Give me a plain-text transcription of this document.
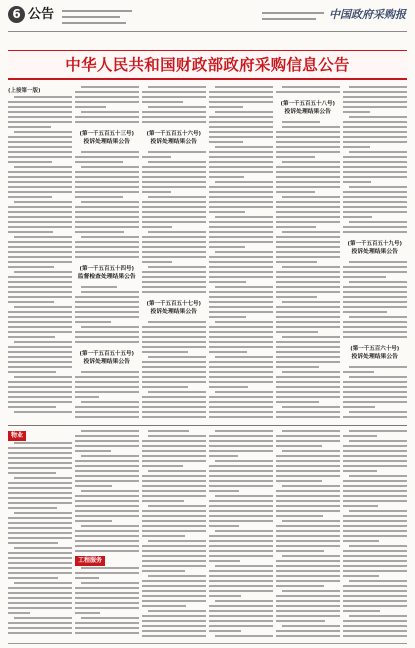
6 公告	中国政府采购报
中华人民共和国财政部政府采购信息公告
(上接第一版)
(第一千五百五十三号)
投诉处理结果公告
(第一千五百五十四号)
监督检查处理结果公告
(第一千五百五十五号)
投诉处理结果公告
(第一千五百五十六号)
投诉处理结果公告
(第一千五百五十七号)
投诉处理结果公告
(第一千五百五十八号)
投诉处理结果公告
(第一千五百五十九号)
投诉处理结果公告
(第一千五百六十号)
投诉处理结果公告
物业
工程服务
